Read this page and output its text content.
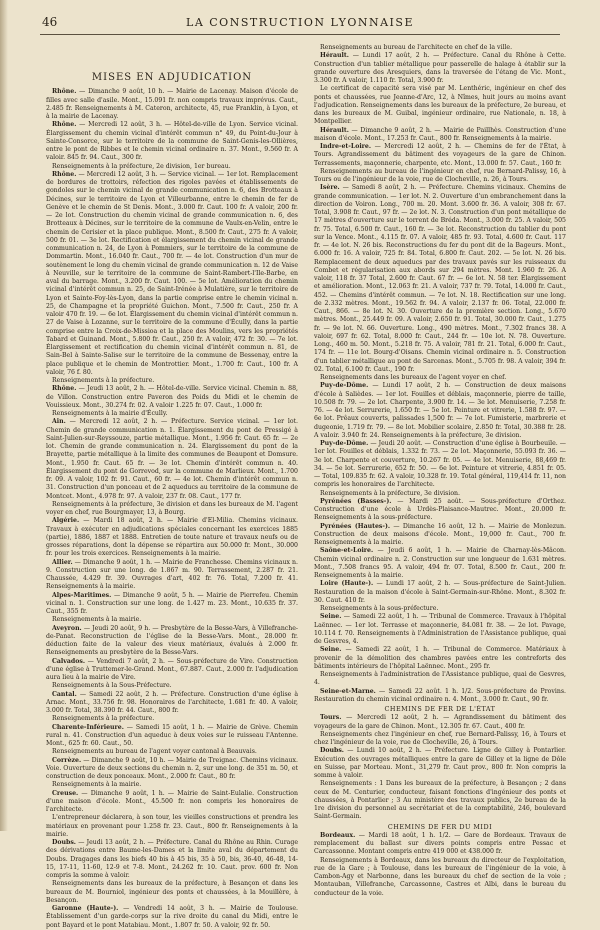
46	LA CONSTRUCTION LYONNAISE
MISES EN ADJUDICATION

Rhône. — Dimanche 9 août, 10 h. — Mairie de Lacenay. Maison d'école de filles avec salle d'asile. Mont., 15.091 fr. non compris travaux imprévus. Caut., 2.485 fr. Renseignements à M. Cateron, architecte, 45, rue Franklin, à Lyon, et à la mairie de Lacenay.

Rhône. — Mercredi 12 août, 3 h. — Hôtel-de-ville de Lyon. Service vicinal. Élargissement du chemin vicinal d'intérêt commun n° 49, du Point-du-Jour à Sainte-Consorce, sur le territoire de la commune de Saint-Genis-les-Ollières, entre le pont de Ribbes et le chemin vicinal ordinaire n. 37. Mont., 9.560 fr. A valoir. 845 fr. 94. Caut., 300 fr.

Renseignements à la préfecture, 2e division, 1er bureau.

Rhône. — Mercredi 12 août, 3 h. — Service vicinal. — 1er lot. Remplacement de bordures de trottoirs, réfection des rigoles pavées et établissements de gondoles sur le chemin vicinal de grande communication n. 6, des Brotteaux à Décines, sur le territoire de Lyon et Villeurbanne, entre le chemin de fer de Genève et le chemin de St Denis. Mont., 3.000 fr. Caut. 100 fr. A valoir, 200 fr. — 2e lot. Construction du chemin vicinal de grande communication n. 6, des Brotteaux à Décines, sur le territoire de la commune de Vaulx-en-Velin, entre le chemin de Cerisier et la place publique. Mont., 8.500 fr. Caut., 275 fr. A valoir, 500 fr. 01. — 3e lot. Rectification et élargissement du chemin vicinal de grande communication n. 24, de Lyon à Pommiers, sur le territoire de la commune de Dommartin. Mont., 16.040 fr. Caut., 700 fr. — 4e lot. Construction d'un mur de soutènement le long du chemin vicinal de grande communication n. 12 de Vaise à Neuville, sur le territoire de la commune de Saint-Rambert-l'Ile-Barbe, en aval du barrage. Mont., 3.200 fr. Caut. 100. — 5e lot. Amélioration du chemin vicinal d'intérêt commun n. 25, de Saint-Irénée à Mulatière, sur le territoire de Lyon et Sainte-Foy-lès-Lyon, dans la partie comprise entre le chemin vicinal n. 25, de Champagne et la propriété Guichon. Mont., 7.500 fr. Caut., 250 fr. A valoir 470 fr. 19. — 6e lot. Élargissement du chemin vicinal d'intérêt commun n. 27 de Vaise à Lozanne, sur le territoire de la commune d'Écully, dans la partie comprise entre la Croix-de-Missioa et la place des Moulins, vers les propriétés Tabard et Guinand. Mont., 5.800 fr. Caut., 250 fr. A valoir, 472 fr. 30. — 7e lot. Élargissement et rectification du chemin vicinal d'intérêt commun n. 81, de Sain-Bel à Sainte-Salise sur le territoire de la commune de Bessenay, entre la place publique et le chemin de Montrottier. Mont., 1.700 fr. Caut., 100 fr. A valoir, 76 f. 80.

Renseignements à la préfecture.

Rhône. — Jeudi 13 août, 2 h. — Hôtel-de-ville. Service vicinal. Chemin n. 88, de Villon. Construction entre Paveron des Poids du Midi et le chemin de Vouissieux. Mont., 30.274 fr. 02. A valoir 1.225 fr. 07. Caut., 1.000 fr.

Renseignements à la mairie d'Écully.

Ain. — Mercredi 12 août, 2 h. — Préfecture. Service vicinal. — 1er lot. Chemin de grande communication n. 1. Élargissement du pont de Pressigé à Saint-Julien-sur-Reyssouze, partie métallique. Mont., 1.956 fr. Caut. 65 fr. — 2e lot. Chemin de grande communication n. 24. Élargissement du pont de la Brayette, partie métallique à la limite des communes de Beaupont et Domsure. Mont., 1.950 fr. Caut. 65 fr. — 3e lot. Chemin d'intérêt commun n. 40. Élargissement du pont de Gorrevod, sur la commune de Marlieux. Mont., 1.700 fr. 09. A valoir, 102 fr. 91. Caut., 60 fr. — 4e lot. Chemin d'intérêt commun n. 31. Construction d'un ponceau et de 2 aqueducs au territoire de la commune de Montcet. Mont., 4.978 fr. 97. A valoir, 237 fr. 08. Caut., 177 fr.

Renseignements à la préfecture, 3e division et dans les bureaux de M. l'agent voyer en chef, rue Bourgmayer, 13, à Bourg.

Algérie. — Mardi 18 août, 2 h. — Mairie d'El-Milia. Chemins vicinaux. Travaux à exécuter en adjudications spéciales concernant les exercices 1885 (partie), 1886, 1887 et 1888. Entretien de toute nature et travaux neufs ou de grosses réparations, dont la dépense se répartira aux 50.000 fr. Mont., 30.000 fr. pour les trois exercices. Renseignements à la mairie.

Allier. — Dimanche 9 août, 1 h. — Mairie de Franchesse. Chemins vicinaux n. 9. Construction sur une long. de 1.867 m. 90. Terrassement, 2.287 fr. 21. Chaussée, 4.429 fr. 39. Ouvrages d'art, 402 fr. 76. Total, 7.200 fr. 41. Renseignements à la mairie.

Alpes-Maritimes. — Dimanche 9 août, 5 h. — Mairie de Pierrefeu. Chemin vicinal n. 1. Construction sur une long. de 1.427 m. 23. Mont., 10.635 fr. 37. Caut., 355 fr.

Renseignements à la mairie.

Aveyron. — Jeudi 20 août, 9 h. — Presbytère de la Besse-Vars, à Villefranche-de-Panat. Reconstruction de l'église de la Besse-Vars. Mont., 28.000 fr. déduction faite de la valeur des vieux matériaux, évalués à 2.000 fr. Renseignements au presbytère de la Besse-Vars.

Calvados. — Vendredi 7 août, 2 h. — Sous-préfecture de Vire. Construction d'une église à Truttemer-le-Grand. Mont., 67.887. Caut., 2.000 fr. l'adjudication aura lieu à la mairie de Vire.

Renseignements à la Sous-Préfecture.

Cantal. — Samedi 22 août, 2 h. — Préfecture. Construction d'une église à Arnac. Mont., 33.756 fr. 98. Honoraires de l'architecte, 1.681 fr. 40. A valoir, 3.000 fr. Total, 38.390 fr. 44. Caut., 800 fr.

Renseignements à la préfecture.

Charente-Inférieure. — Samedi 15 août, 1 h. — Mairie de Grève. Chemin rural n. 41. Construction d'un aqueduc à deux voies sur le ruisseau l'Antenne. Mont., 625 fr. 60. Caut., 50.

Renseignements au bureau de l'agent voyer cantonal à Beauvais.

Corrèze. — Dimanche 9 août, 10 h. — Mairie de Treignac. Chemins vicinaux. Voie. Ouverture de deux sections du chemin n. 2, sur une long. de 351 m. 50, et construction de deux ponceaux. Mont., 2.000 fr. Caut., 80 fr.

Renseignements à la mairie.

Creuse. — Dimanche 9 août, 1 h. — Mairie de Saint-Eulalie. Construction d'une maison d'école. Mont., 45.500 fr. non compris les honoraires de l'architecte.

L'entrepreneur déclarera, à son tour, les vieilles constructions et prendra les matériaux en provenant pour 1.258 fr. 23. Caut., 800 fr. Renseignements à la mairie.

Doubs. — Jeudi 13 août, 2 h. — Préfecture. Canal du Rhône au Rhin. Curage des dérivations entre Baume-les-Dames et la limite aval du département du Doubs. Dragages dans les biefs 40 bis à 45 bis, 35 à 50, bis, 36-40, 46-48, 14-15, 17-11, 11-60, 12-9 et 7-8. Mont., 24.262 fr. 10. Caut. prov. 600 fr. Non compris la somme à valoir.

Renseignements dans les bureaux de la préfecture, à Besançon et dans les bureaux de M. Bourniol, ingénieur des ponts et chaussées, à la Mouillère, à Besançon.

Garonne (Haute-). — Vendredi 14 août, 3 h. — Mairie de Toulouse. Établissement d'un garde-corps sur la rive droite du canal du Midi, entre le pont Bayard et le pont Matabiau. Mont., 1.807 fr. 50. A valoir, 92 fr. 50.

Renseignements au bureau de l'architecte en chef de la ville.

Hérault. — Lundi 17 août, 2 h. — Préfecture. Canal du Rhône à Cette. Construction d'un tablier métallique pour passerelle de halage à établir sur la grande ouverture des Aresquiers, dans la traversée de l'étang de Vic. Mont., 3.300 fr. A valoir, 1.110 fr. Total, 3.900 fr.

Le certificat de capacité sera visé par M. Lenthéric, ingénieur en chef des ponts et chaussées, rue Jeanne-d'Arc, 12, à Nîmes, huit jours au moins avant l'adjudication. Renseignements dans les bureaux de la préfecture, 2e bureau, et dans les bureaux de M. Guibal, ingénieur ordinaire, rue Nationale, n. 18, à Montpellier.

Hérault. — Dimanche 9 août, 2 h. — Mairie de Paillhès. Construction d'une maison d'école. Mont., 17.253 fr. Caut., 800 fr. Renseignements à la mairie.

Indre-et-Loire. — Mercredi 12 août, 2 h. — Chemins de fer de l'État, à Tours. Agrandissement du bâtiment des voyageurs de la gare de Chinon. Terrassements, maçonnerie, charpente, etc. Mont., 13.000 fr. 57. Caut., 160 fr.

Renseignements au bureau de l'ingénieur en chef, rue Bernard-Palissy, 16, à Tours ou de l'ingénieur de la voie, rue de Clocheville, n. 26, à Tours.

Isère. — Samedi 8 août, 2 h. — Préfecture. Chemins vicinaux. Chemins de grande communication. — 1er lot. N. 2. Ouverture d'un embranchement dans la direction de Voiron. Long., 700 m. 20. Mont. 3.600 fr. 36. A valoir, 308 fr. 67. Total, 3.908 fr. Caut., 97 fr. — 2e lot. N. 3. Construction d'un pont métallique de 17 mètres d'ouverture sur le torrent de Bréda. Mont., 3.000 fr. 25. A valoir, 505 fr. 75. Total, 6.500 fr. Caut., 160 fr. — 3e lot. Reconstruction du tablier du pont sur la Vence. Mont., 4.115 fr. 07. A valoir, 485 fr. 93. Total, 4.600 fr. Caut. 117 fr. — 4e lot. N. 26 bis. Reconstructions du fer du pont dit de la Bageurs. Mont., 6.000 fr. 16. A valoir, 725 fr. 84. Total, 6.800 fr. Caut. 202. — 5e lot. N. 26 bis. Remplacement de deux aqueducs par des travaux pavés sur les ruisseaux du Combet et régularisation aux abords sur 294 mètres. Mont. 1.960 fr. 26. A valoir, 118 fr. 37 Total, 2.600 fr. Caut. 67 fr. — 6e lot. N. 58 ter. Élargissement et amélioration. Mont., 12.063 fr. 21. A valoir, 737 fr. 79. Total, 14.000 fr. Caut., 452. — Chemins d'intérêt commun. — 7e lot. N. 18. Rectification sur une long. de 2.332 mètres. Mont., 19.562 fr. 94. A valoir, 2.137 fr. 06. Total, 22.000 fr. Caut., 866. — 8e lot. N. 30. Ouverture de la première section. Long., 5.670 mètres. Mont., 25.449 fr. 09. A valoir, 2.650 fr. 91. Total, 30.000 fr. Caut., 1.275 fr. — 9e lot. N. 66. Ouverture. Long., 490 mètres. Mont., 7.302 francs 38. A valoir, 697 fr. 62. Total, 8.000 fr. Caut., 244 fr. — 10e lot. N. 78. Ouverture. Long., 460 m. 50. Mont., 5.218 fr. 75. A valoir, 781 fr. 21. Total, 6.000 fr. Caut., 174 fr. — 11e lot. Bourg-d'Oisans. Chemin vicinal ordinaire n. 5. Construction d'un tablier métallique au pont de Sarcenas. Mont., 5.705 fr. 98. A valoir, 394 fr. 02. Total, 6.100 fr. Caut., 190 fr.

Renseignements dans les bureaux de l'agent voyer en chef.

Puy-de-Dôme. — Lundi 17 août, 2 h. — Construction de deux maisons d'école à Salièdes. — 1er lot. Fouilles et déblais, maçonnerie, pierre de taille, 10.508 fr. 79. — 2e lot. Charpente, 3.900 fr. 14. — 3e lot. Menuiserie, 7.258 fr. 76. — 4e lot. Serrurerie, 1.650 fr. — 5e lot. Peinture et vitrerie, 1.588 fr. 97. — 6e lot. Prêaux couverts, palissades 1,500 fr. — 7e lot. Fumisterie, marbrerie et dugeonie, 1.719 fr. 79. — 8e lot. Mobilier scolaire, 2.850 fr. Total, 30.388 fr. 28. A valoir. 3.940 fr. 24. Renseignements à la préfecture, 3e division.

Puy-de-Dôme. — Jeudi 20 août. — Construction d'une église à Bourbeuile. — 1er lot. Fouilles et déblais, 1.332 fr. 73. — 2e lot. Maçonnerie, 55.093 fr. 36. — 3e lot. Charpente et couverture, 10.267 fr. 05. — 4e lot. Menuiserie, 88,469 fr. 34. — 5e lot. Serrurerie, 652 fr. 50. — 6e lot. Peinture et vitrerie, 4.851 fr. 05. — Total, 109.835 fr. 62. A valoir, 10.328 fr. 19. Total général, 119,414 fr. 11, non compris les honoraires de l'architecte.

Renseignements à la préfecture, 3e division.

Pyrénées (Basses-). — Mardi 25 août. — Sous-préfecture d'Orthez. Construction d'une école à Urdès-Plaisance-Mautrec. Mont., 20.000 fr. Renseignements à la sous-préfecture.

Pyrénées (Hautes-). — Dimanche 16 août, 12 h. — Mairie de Monlezun. Construction de deux maisons d'école. Mont., 19,000 fr. Caut., 700 fr. Renseignements à la mairie.

Saône-et-Loire. — Jeudi 6 août, 1 h. — Mairie de Charnay-lès-Mâcon. Chemin vicinal ordinaire n. 2. Construction sur une longueur de 1.631 mètres. Mont., 7.508 francs 95. A valoir, 494 fr. 07. Total, 8.500 fr. Caut., 200 fr. Renseignements à la mairie.

Loire (Haute-). — Lundi 17 août, 2 h. — Sous-préfecture de Saint-Julien. Restauration de la maison d'école à Saint-Germain-sur-Rhône. Mont., 8.302 fr. 30. Caut. 410 fr.

Renseignements à la sous-préfecture.

Seine. — Samedi 22 août, 1 h. — Tribunal de Commerce. Travaux à l'hôpital Laënnec. — 1er lot. Terrasse et maçonnerie, 84.081 fr. 38. — 2e lot. Pavage, 10.114 f. 70. Renseignements à l'Administration de l'Assistance publique, quai de Gesvres, 4.

Seine. — Samedi 22 août, 1 h. — Tribunal de Commerce. Matériaux à provenir de la démolition des chambres pavées entre les contreforts des bâtiments intérieurs de l'hôpital Laënnec. Mont., 295 fr.

Renseignements à l'administration de l'Assistance publique, quai de Gesvres, 4.

Seine-et-Marne. — Samedi 22 août. 1 h. 1/2. Sous-préfecture de Provins. Restauration du chemin vicinal ordinaire n. 4. Mont., 3.000 fr. Caut., 90 fr.

CHEMINS DE FER DE L'ÉTAT

Tours. — Mercredi 12 août, 2 h. — Agrandissement du bâtiment des voyageurs de la gare de Chinon. Mont., 12.305 fr. 67. Caut., 400 fr.

Renseignements chez l'ingénieur en chef, rue Bernard-Palissy, 16, à Tours et chez l'ingénieur de la voie, rue de Clocheville, 26, à Tours.

Doubs. — Lundi 10 août, 2 h. — Préfecture. Ligne de Gilley à Pontarlier. Exécution des ouvrages métalliques entre la gare de Gilley et la ligne de Dôle en Suisse, par Morteau. Mont., 31,279 fr. Caut prov., 800 fr. Non compris la somme à valoir.

Renseignements : 1 Dans les bureaux de la préfecture, à Besançon ; 2 dans ceux de M. Centurier, conducteur, faisant fonctions d'ingénieur des ponts et chaussées, à Pontarlier ; 3 Au ministère des travaux publics, 2e bureau de la 1re division du personnel au secrétariat et de la comptabilité, 246, boulevard Saint-Germain.

CHEMINS DE FER DU MIDI

Bordeaux. — Mardi 18 août, 1 h. 1/2. — Gare de Bordeaux. Travaux de remplacement du ballast sur divers points compris entre Pessac et Carcassonne. Montant compris entre 419 000 et 438.000 fr.

Renseignements à Bordeaux, dans les bureaux du directeur de l'exploitation, rue de la Gare ; à Toulouse, dans les bureaux de l'ingénieur de la voie, à Cambon-Agy et Narbonne, dans les bureaux du chef de section de la voie ; Montauban, Villefranche, Carcassonne, Castres et Albi, dans le bureau du conducteur de la voie.
